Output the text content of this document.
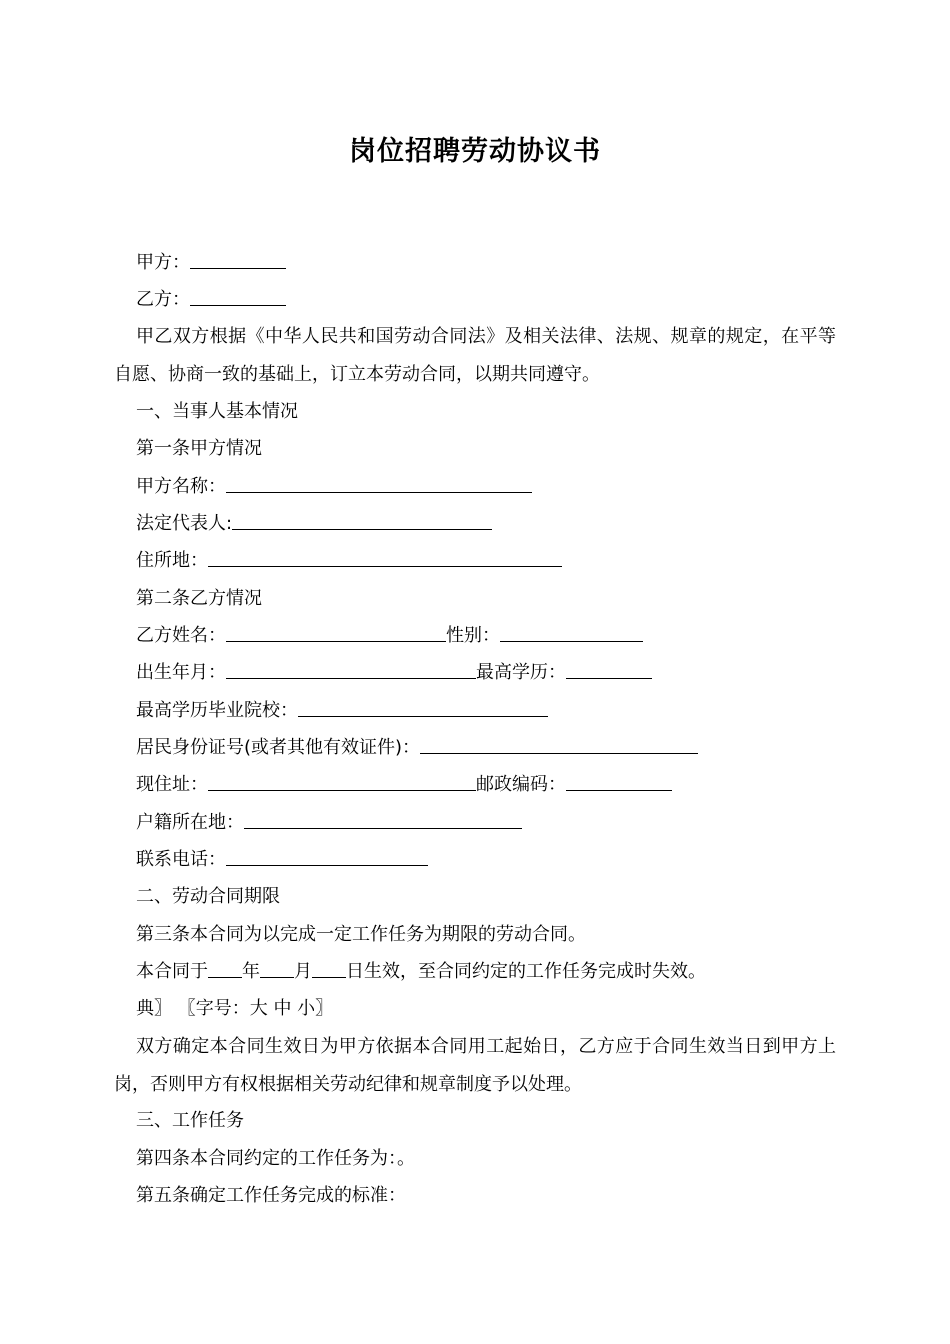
岗位招聘劳动协议书
甲方：
乙方：

甲乙双方根据《中华人民共和国劳动合同法》及相关法律、法规、规章的规定，在平等自愿、协商一致的基础上，订立本劳动合同，以期共同遵守。

一、当事人基本情况
第一条甲方情况
甲方名称：
法定代表人:
住所地：
第二条乙方情况
乙方姓名：	性别：
出生年月：	最高学历：
最高学历毕业院校：
居民身份证号(或者其他有效证件)：
现住址：	邮政编码：
户籍所在地：
联系电话：
二、劳动合同期限
第三条本合同为以完成一定工作任务为期限的劳动合同。
本合同于 年 月 日生效，至合同约定的工作任务完成时失效。
典〗 〖字号：大 中 小〗

双方确定本合同生效日为甲方依据本合同用工起始日，乙方应于合同生效当日到甲方上岗，否则甲方有权根据相关劳动纪律和规章制度予以处理。

三、工作任务
第四条本合同约定的工作任务为：。
第五条确定工作任务完成的标准：
